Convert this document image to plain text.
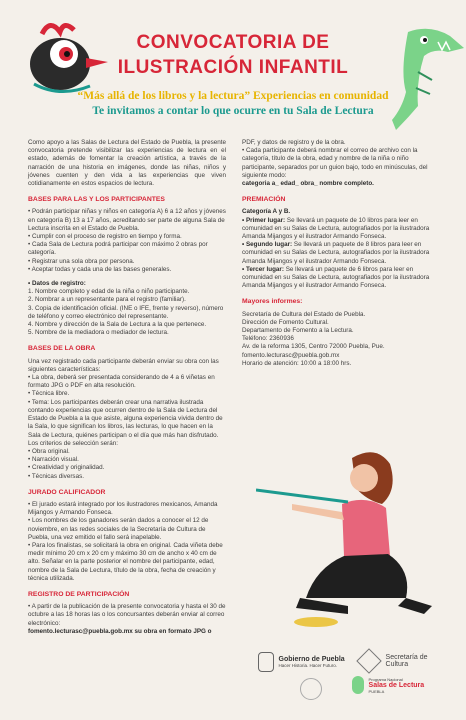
CONVOCATORIA DE
ILUSTRACIÓN INFANTIL
“Más allá de los libros y la lectura” Experiencias en comunidad
Te invitamos a contar lo que ocurre en tu Sala de Lectura

Como apoyo a las Salas de Lectura del Estado de Puebla, la presente convocatoria pretende visibilizar las experiencias de lectura en el estado, además de fomentar la creación artística, a través de la narración de una historia en imágenes, donde las niñas, niños y jóvenes cuenten y den vida a las experiencias que viven cotidianamente en estos espacios de lectura.

BASES PARA LAS Y LOS PARTICIPANTES

• Podrán participar niñas y niños en categoría A) 6 a 12 años y jóvenes en categoría B) 13 a 17 años, acreditando ser parte de alguna Sala de Lectura inscrita en el Estado de Puebla.

• Cumplir con el proceso de registro en tiempo y forma.

• Cada Sala de Lectura podrá participar con máximo 2 obras por categoría.

• Registrar una sola obra por persona.

• Aceptar todas y cada una de las bases generales.

• Datos de registro:

1. Nombre completo y edad de la niña o niño participante.

2. Nombrar a un representante para el registro (familiar).

3. Copia de identificación oficial. (INE o IFE, frente y reverso), número de teléfono y correo electrónico del representante.

4. Nombre y dirección de la Sala de Lectura a la que pertenece.

5. Nombre de la mediadora o mediador de lectura.

BASES DE LA OBRA

Una vez registrado cada participante deberán enviar su obra con las siguientes características:

• La obra, deberá ser presentada considerando de 4 a 6 viñetas en formato JPG o PDF en alta resolución.

• Técnica libre.

• Tema: Los participantes deberán crear una narrativa ilustrada contando experiencias que ocurren dentro de la Sala de Lectura del Estado de Puebla a la que asiste, alguna experiencia vivida dentro de la Sala, lo que significan los libros, las lecturas, lo que hacen en la Sala de Lectura, quiénes participan o el día que más han disfrutado.

Los criterios de selección serán:

• Obra original.

• Narración visual.

• Creatividad y originalidad.

• Técnicas diversas.

JURADO CALIFICADOR

• El jurado estará integrado por los ilustradores mexicanos, Amanda Mijangos y Armando Fonseca.

• Los nombres de los ganadores serán dados a conocer el 12 de noviembre, en las redes sociales de la Secretaría de Cultura de Puebla, una vez emitido el fallo será inapelable.

• Para los finalistas, se solicitará la obra en original. Cada viñeta debe medir mínimo 20 cm x 20 cm y máximo 30 cm de ancho x 40 cm de alto. Señalar en la parte posterior el nombre del participante, edad, nombre de la Sala de Lectura, título de la obra, fecha de creación y técnica utilizada.

REGISTRO DE PARTICIPACIÓN

• A partir de la publicación de la presente convocatoria y hasta el 30 de octubre a las 18 horas las o los concursantes deberán enviar al correo electrónico:

fomento.lecturasc@puebla.gob.mx su obra en formato JPG o

PDF, y datos de registro y de la obra.

• Cada participante deberá nombrar el correo de archivo con la categoría, título de la obra, edad y nombre de la niña o niño participante, separados por un guion bajo, todo en minúsculas, del siguiente modo:

categoria a_ edad_ obra_ nombre completo.

PREMIACIÓN

Categoría A y B.

• Primer lugar: Se llevará un paquete de 10 libros para leer en comunidad en su Salas de Lectura, autografiados por la ilustradora Amanda Mijangos y el ilustrador Armando Fonseca.

• Segundo lugar: Se llevará un paquete de 8 libros para leer en comunidad en su Salas de Lectura, autografiados por la ilustradora Amanda Mijangos y el ilustrador Armando Fonseca.

• Tercer lugar: Se llevará un paquete de 6 libros para leer en comunidad en su Salas de Lectura, autografiados por la ilustradora Amanda Mijangos y el ilustrador Armando Fonseca.

Mayores informes:

Secretaría de Cultura del Estado de Puebla.

Dirección de Fomento Cultural.

Departamento de Fomento a la Lectura.

Teléfono: 2360936

Av. de la reforma 1305, Centro 72000 Puebla, Pue.

fomento.lecturasc@puebla.gob.mx

Horario de atención: 10:00 a 18:00 hrs.

Gobierno de Puebla
Hacer Historia. Hacer Futuro.
Secretaría de Cultura

Programa Nacional
Salas de Lectura
PUEBLA
